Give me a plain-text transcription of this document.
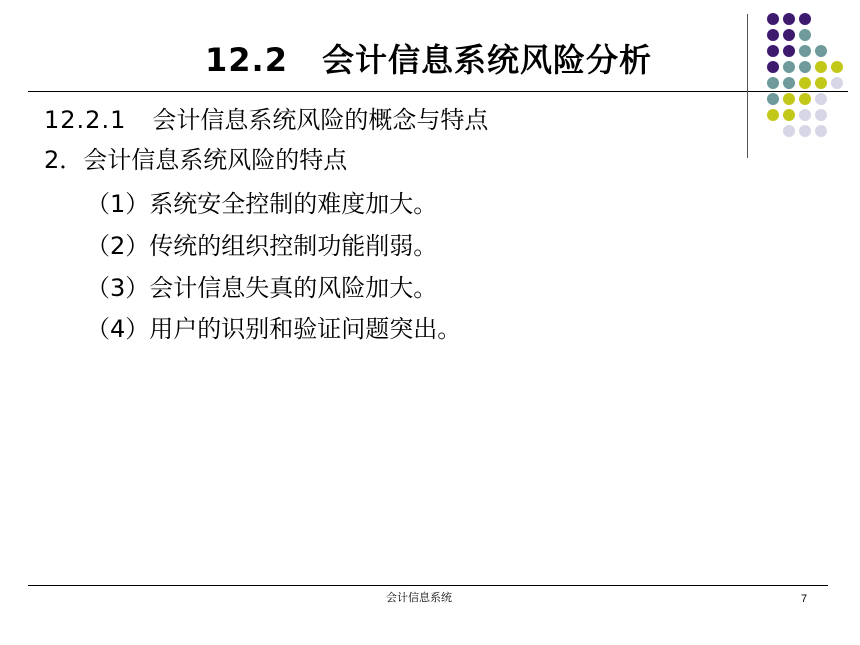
12.2 会计信息系统风险分析
12.2.1 会计信息系统风险的概念与特点
2．会计信息系统风险的特点
（1）系统安全控制的难度加大。
（2）传统的组织控制功能削弱。
（3）会计信息失真的风险加大。
（4）用户的识别和验证问题突出。
会计信息系统	7
